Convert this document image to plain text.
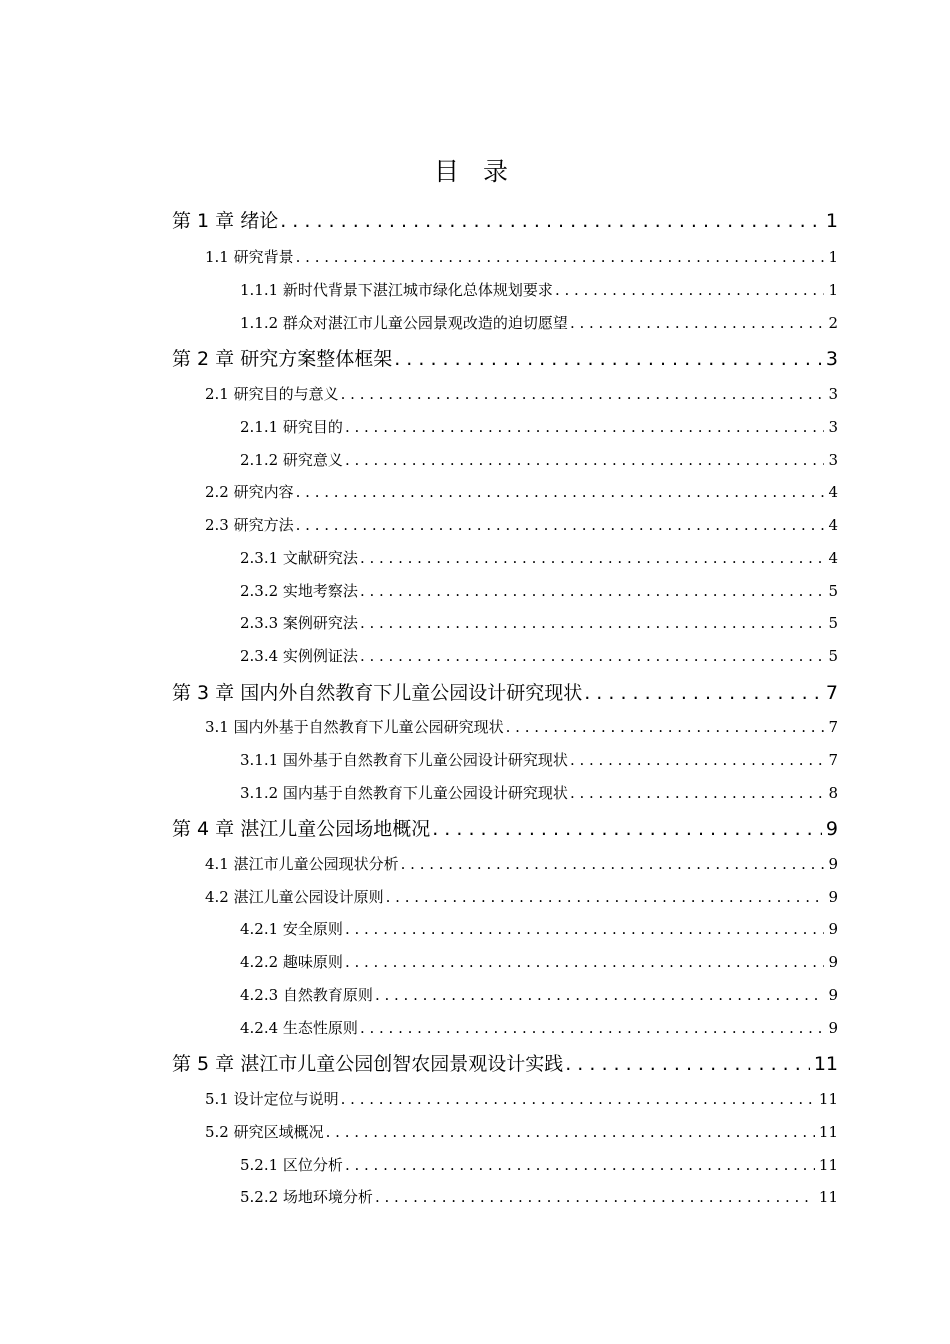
目 录
第 1 章 绪论 . . .	1
1.1 研究背景 . . .	1
1.1.1 新时代背景下湛江城市绿化总体规划要求 . . .	1
1.1.2 群众对湛江市儿童公园景观改造的迫切愿望 . . .	2
第 2 章 研究方案整体框架 . . .	3
2.1 研究目的与意义 . . .	3
2.1.1 研究目的 . . .	3
2.1.2 研究意义 . . .	3
2.2 研究内容 . . .	4
2.3 研究方法 . . .	4
2.3.1 文献研究法 . . .	4
2.3.2 实地考察法 . . .	5
2.3.3 案例研究法 . . .	5
2.3.4 实例例证法 . . .	5
第 3 章 国内外自然教育下儿童公园设计研究现状 . . .	7
3.1 国内外基于自然教育下儿童公园研究现状 . . .	7
3.1.1 国外基于自然教育下儿童公园设计研究现状 . . .	7
3.1.2 国内基于自然教育下儿童公园设计研究现状 . . .	8
第 4 章 湛江儿童公园场地概况 . . .	9
4.1 湛江市儿童公园现状分析 . . .	9
4.2 湛江儿童公园设计原则 . . .	9
4.2.1 安全原则 . . .	9
4.2.2 趣味原则 . . .	9
4.2.3 自然教育原则 . . .	9
4.2.4 生态性原则 . . .	9
第 5 章 湛江市儿童公园创智农园景观设计实践 . . .	11
5.1 设计定位与说明 . . .	11
5.2 研究区域概况 . . .	11
5.2.1 区位分析 . . .	11
5.2.2 场地环境分析 . . .	11
